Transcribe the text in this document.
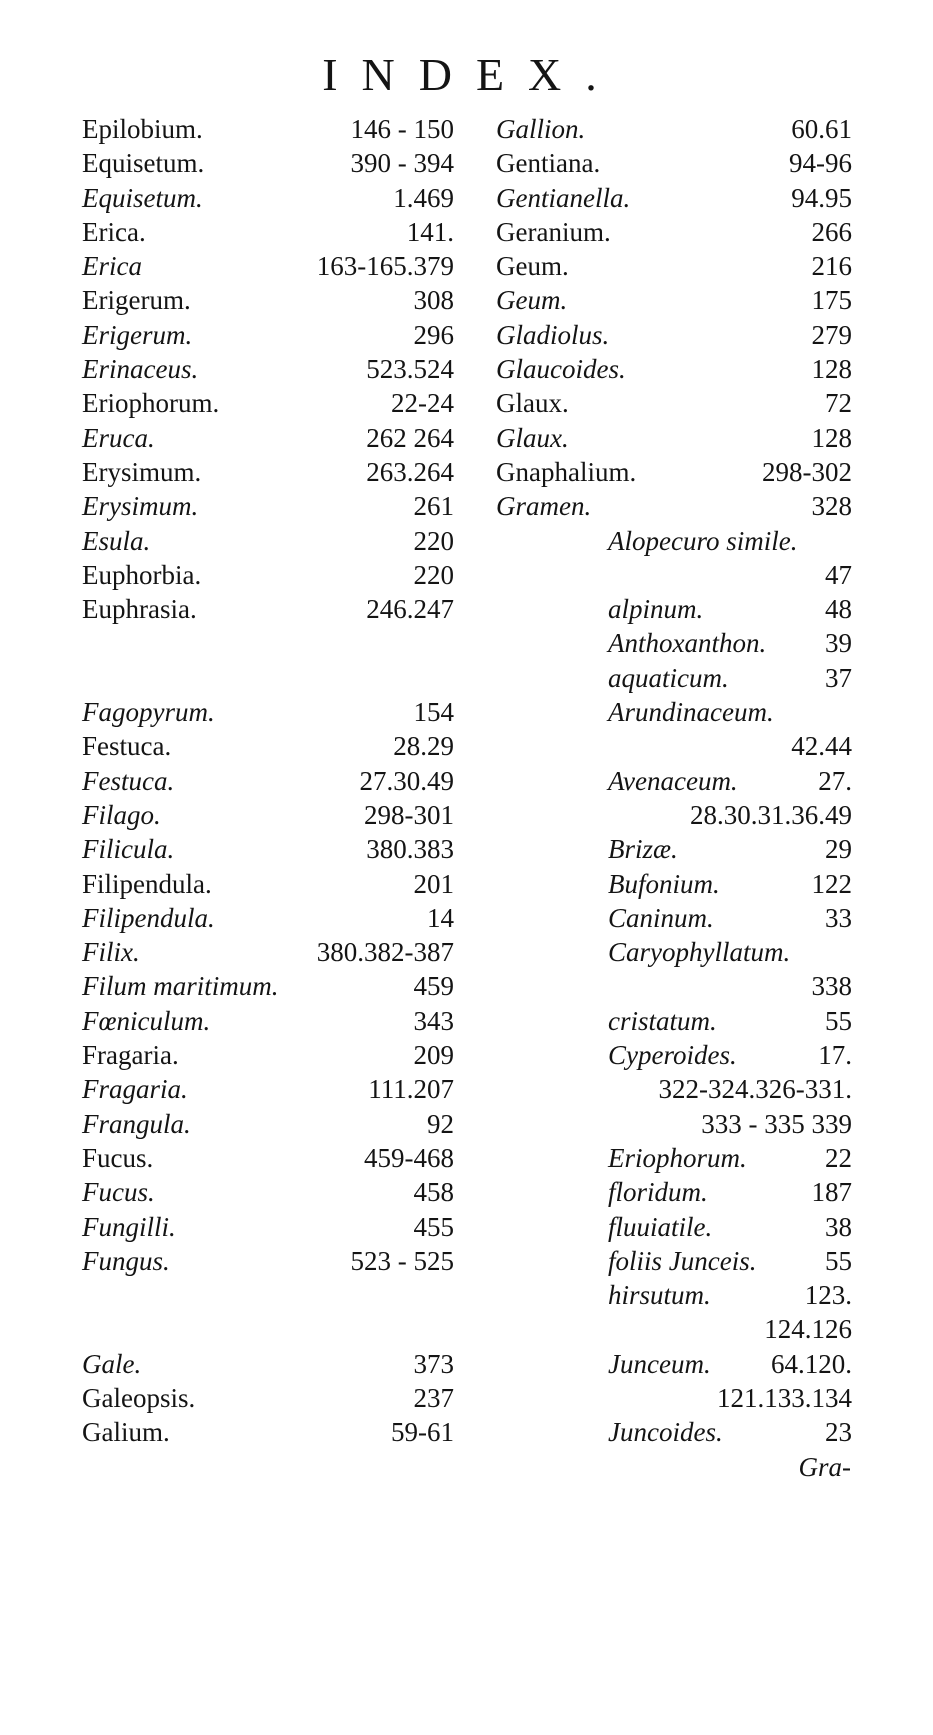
INDEX.
Epilobium.	146 - 150
Equisetum.	390 - 394
Equisetum.	1.469
Erica.	141.
Erica	163-165.379
Erigerum.	308
Erigerum.	296
Erinaceus.	523.524
Eriophorum.	22-24
Eruca.	262 264
Erysimum.	263.264
Erysimum.	261
Esula.	220
Euphorbia.	220
Euphrasia.	246.247
Fagopyrum.	154
Festuca.	28.29
Festuca.	27.30.49
Filago.	298-301
Filicula.	380.383
Filipendula.	201
Filipendula.	14
Filix.	380.382-387
Filum maritimum.	459
Fœniculum.	343
Fragaria.	209
Fragaria.	111.207
Frangula.	92
Fucus.	459-468
Fucus.	458
Fungilli.	455
Fungus.	523 - 525
Gale.	373
Galeopsis.	237
Galium.	59-61
Gallion.	60.61
Gentiana.	94-96
Gentianella.	94.95
Geranium.	266
Geum.	216
Geum.	175
Gladiolus.	279
Glaucoides.	128
Glaux.	72
Glaux.	128
Gnaphalium.	298-302
Gramen.	328
Alopecuro simile.
47
alpinum.	48
Anthoxanthon.	39
aquaticum.	37
Arundinaceum.
42.44
Avenaceum.	27.
28.30.31.36.49
Brizæ.	29
Bufonium.	122
Caninum.	33
Caryophyllatum.
338
cristatum.	55
Cyperoides.	17.
322-324.326-331.
333 - 335 339
Eriophorum.	22
floridum.	187
fluuiatile.	38
foliis Junceis.	55
hirsutum.	123.
124.126
Junceum.	64.120.
121.133.134
Juncoides.	23
Gra-
